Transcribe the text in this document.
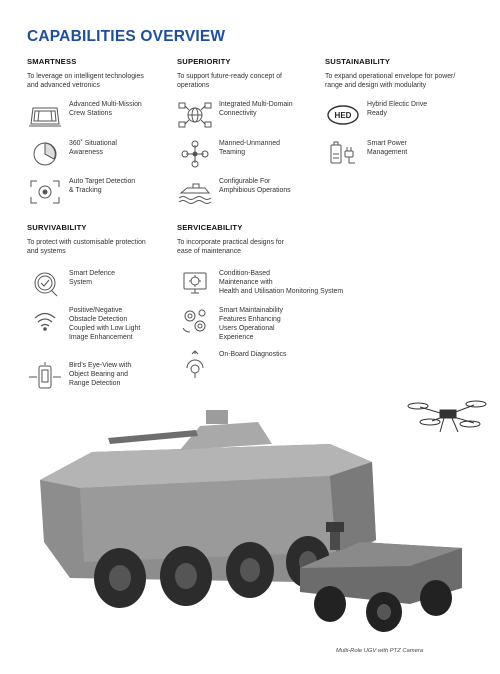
CAPABILITIES OVERVIEW
SMARTNESS
To leverage on intelligent technologies
and advanced vetronics
Advanced Multi-Mission
Crew Stations
360˚ Situational
Awareness
Auto Target Detection
& Tracking
SUPERIORITY
To support future-ready concept of
operations
Integrated Multi-Domain
Connectivity
Manned-Unmanned
Teaming
Configurable For
Amphibious Operations
SUSTAINABILITY
To expand operational envelope for power/
range and design with modularity
HED
Hybrid Electic Drive
Ready
Smart Power
Management
SURVIVABILITY
To protect with customisable protection
and systems
Smart Defence
System
Positive/Negative
Obstacle Detection
Coupled with Low Light
Image Enhancement
Bird’s Eye-View with
Object Bearing and
Range Detection
SERVICEABILITY
To incorporate practical designs for
ease of maintenance
Condition-Based
Maintenance with
Health and Utilisation Monitoring System
Smart Maintainability
Features Enhancing
Users Operational
Experience
On-Board Diagnostics
Multi-Role UGV with PTZ Camera
